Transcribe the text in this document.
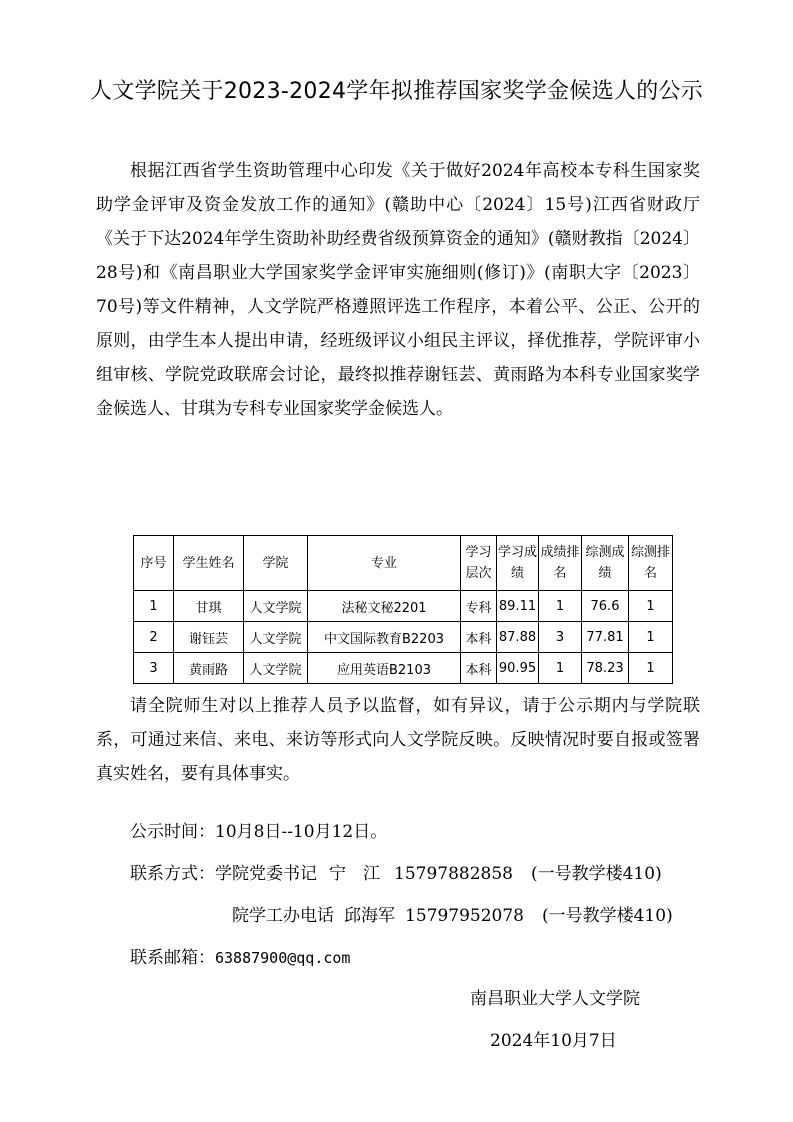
人文学院关于2023-2024学年拟推荐国家奖学金候选人的公示

根据江西省学生资助管理中心印发《关于做好2024年高校本专科生国家奖助学金评审及资金发放工作的通知》(赣助中心〔2024〕15号)江西省财政厅《关于下达2024年学生资助补助经费省级预算资金的通知》(赣财教指〔2024〕28号)和《南昌职业大学国家奖学金评审实施细则(修订)》(南职大字〔2023〕70号)等文件精神，人文学院严格遵照评选工作程序，本着公平、公正、公开的原则，由学生本人提出申请，经班级评议小组民主评议，择优推荐，学院评审小组审核、学院党政联席会讨论，最终拟推荐谢钰芸、黄雨路为本科专业国家奖学金候选人、甘琪为专科专业国家奖学金候选人。

序号	学生姓名	学院	专业	学习层次	学习成绩	成绩排名	综测成绩	综测排名
1	甘琪	人文学院	法秘文秘2201	专科	89.11	1	76.6	1
2	谢钰芸	人文学院	中文国际教育B2203	本科	87.88	3	77.81	1
3	黄雨路	人文学院	应用英语B2103	本科	90.95	1	78.23	1

请全院师生对以上推荐人员予以监督，如有异议，请于公示期内与学院联系，可通过来信、来电、来访等形式向人文学院反映。反映情况时要自报或签署真实姓名，要有具体事实。

公示时间：10月8日--10月12日。
联系方式：学院党委书记 宁　江 15797882858 (一号教学楼410)
院学工办电话 邱海军 15797952078 (一号教学楼410)
联系邮箱：63887900@qq.com
南昌职业大学人文学院
2024年10月7日
